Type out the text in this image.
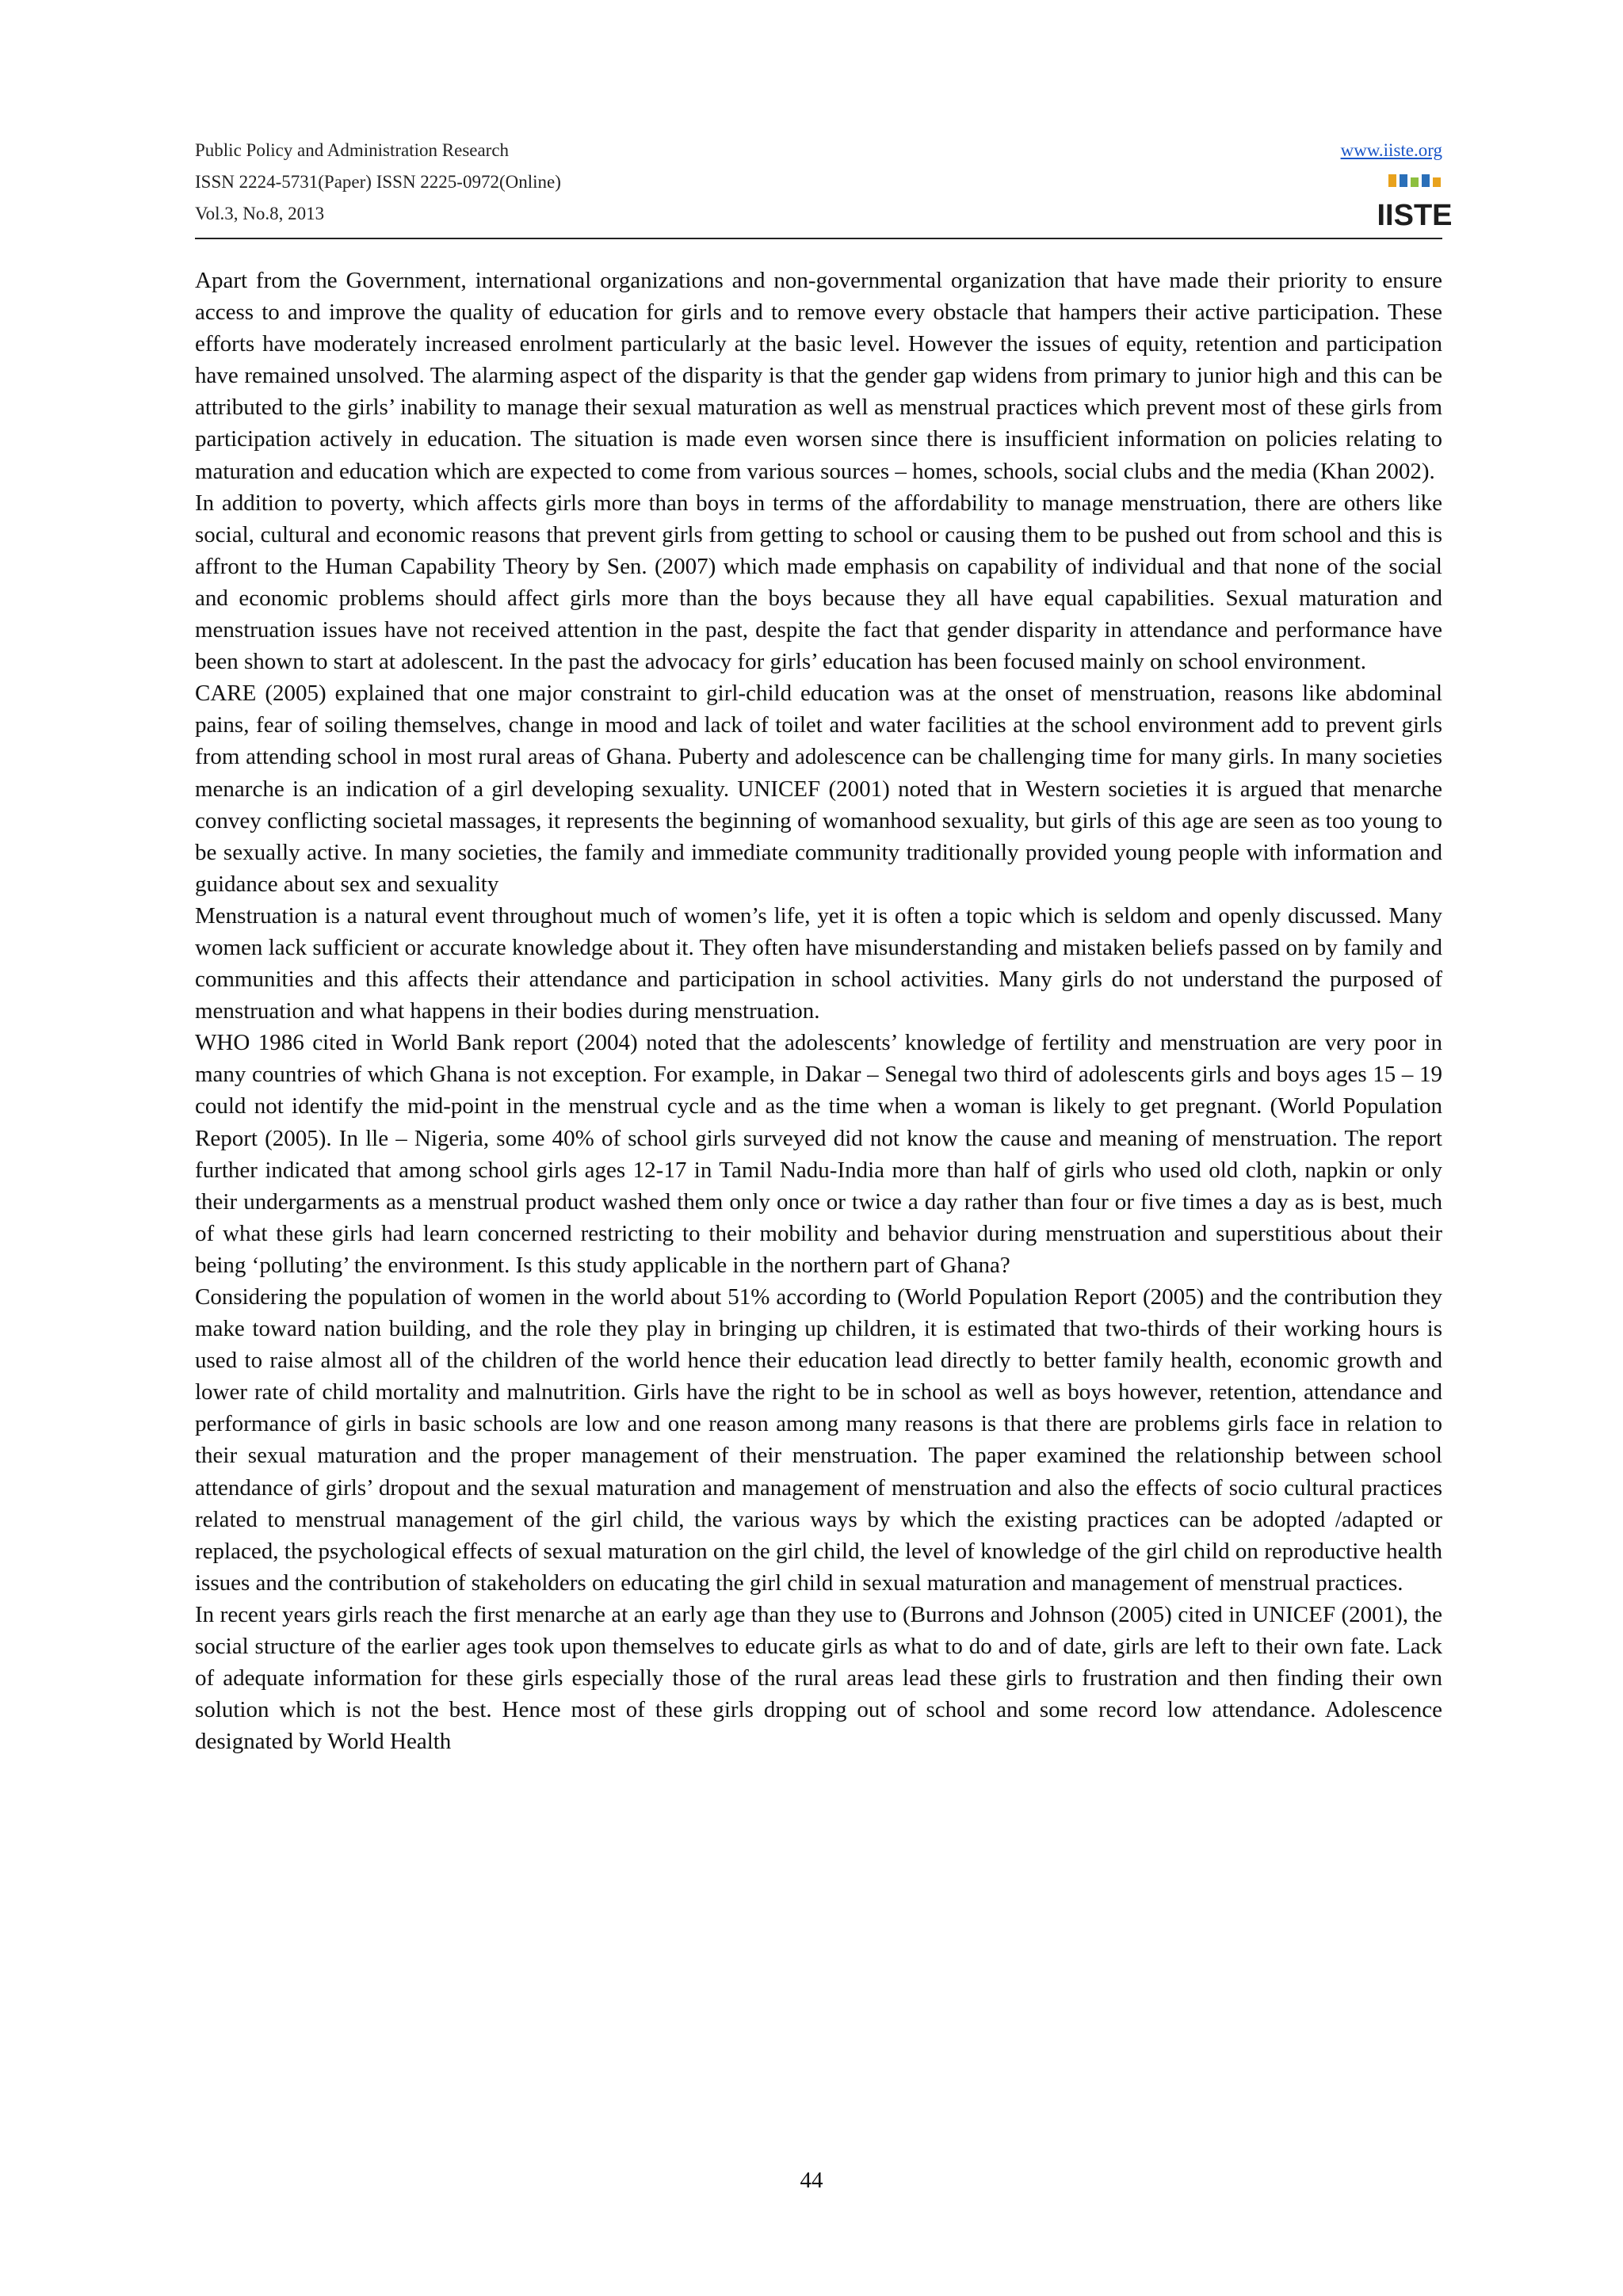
Public Policy and Administration Research
ISSN 2224-5731(Paper) ISSN 2225-0972(Online)
Vol.3, No.8, 2013
www.iiste.org
IISTE

Apart from the Government, international organizations and non-governmental organization that have made their priority to ensure access to and improve the quality of education for girls and to remove every obstacle that hampers their active participation. These efforts have moderately increased enrolment particularly at the basic level. However the issues of equity, retention and participation have remained unsolved. The alarming aspect of the disparity is that the gender gap widens from primary to junior high and this can be attributed to the girls’ inability to manage their sexual maturation as well as menstrual practices which prevent most of these girls from participation actively in education. The situation is made even worsen since there is insufficient information on policies relating to maturation and education which are expected to come from various sources – homes, schools, social clubs and the media (Khan 2002).

In addition to poverty, which affects girls more than boys in terms of the affordability to manage menstruation, there are others like social, cultural and economic reasons that prevent girls from getting to school or causing them to be pushed out from school and this is affront to the Human Capability Theory by Sen. (2007) which made emphasis on capability of individual and that none of the social and economic problems should affect girls more than the boys because they all have equal capabilities. Sexual maturation and menstruation issues have not received attention in the past, despite the fact that gender disparity in attendance and performance have been shown to start at adolescent. In the past the advocacy for girls’ education has been focused mainly on school environment.

CARE (2005) explained that one major constraint to girl-child education was at the onset of menstruation, reasons like abdominal pains, fear of soiling themselves, change in mood and lack of toilet and water facilities at the school environment add to prevent girls from attending school in most rural areas of Ghana. Puberty and adolescence can be challenging time for many girls. In many societies menarche is an indication of a girl developing sexuality. UNICEF (2001) noted that in Western societies it is argued that menarche convey conflicting societal massages, it represents the beginning of womanhood sexuality, but girls of this age are seen as too young to be sexually active. In many societies, the family and immediate community traditionally provided young people with information and guidance about sex and sexuality

Menstruation is a natural event throughout much of women’s life, yet it is often a topic which is seldom and openly discussed. Many women lack sufficient or accurate knowledge about it. They often have misunderstanding and mistaken beliefs passed on by family and communities and this affects their attendance and participation in school activities. Many girls do not understand the purposed of menstruation and what happens in their bodies during menstruation.

WHO 1986 cited in World Bank report (2004) noted that the adolescents’ knowledge of fertility and menstruation are very poor in many countries of which Ghana is not exception. For example, in Dakar – Senegal two third of adolescents girls and boys ages 15 – 19 could not identify the mid-point in the menstrual cycle and as the time when a woman is likely to get pregnant. (World Population Report (2005). In lle – Nigeria, some 40% of school girls surveyed did not know the cause and meaning of menstruation. The report further indicated that among school girls ages 12-17 in Tamil Nadu-India more than half of girls who used old cloth, napkin or only their undergarments as a menstrual product washed them only once or twice a day rather than four or five times a day as is best, much of what these girls had learn concerned restricting to their mobility and behavior during menstruation and superstitious about their being ‘polluting’ the environment. Is this study applicable in the northern part of Ghana?

Considering the population of women in the world about 51% according to (World Population Report (2005) and the contribution they make toward nation building, and the role they play in bringing up children, it is estimated that two-thirds of their working hours is used to raise almost all of the children of the world hence their education lead directly to better family health, economic growth and lower rate of child mortality and malnutrition. Girls have the right to be in school as well as boys however, retention, attendance and performance of girls in basic schools are low and one reason among many reasons is that there are problems girls face in relation to their sexual maturation and the proper management of their menstruation. The paper examined the relationship between school attendance of girls’ dropout and the sexual maturation and management of menstruation and also the effects of socio cultural practices related to menstrual management of the girl child, the various ways by which the existing practices can be adopted /adapted or replaced, the psychological effects of sexual maturation on the girl child, the level of knowledge of the girl child on reproductive health issues and the contribution of stakeholders on educating the girl child in sexual maturation and management of menstrual practices.

In recent years girls reach the first menarche at an early age than they use to (Burrons and Johnson (2005) cited in UNICEF (2001), the social structure of the earlier ages took upon themselves to educate girls as what to do and of date, girls are left to their own fate. Lack of adequate information for these girls especially those of the rural areas lead these girls to frustration and then finding their own solution which is not the best. Hence most of these girls dropping out of school and some record low attendance. Adolescence designated by World Health

44
